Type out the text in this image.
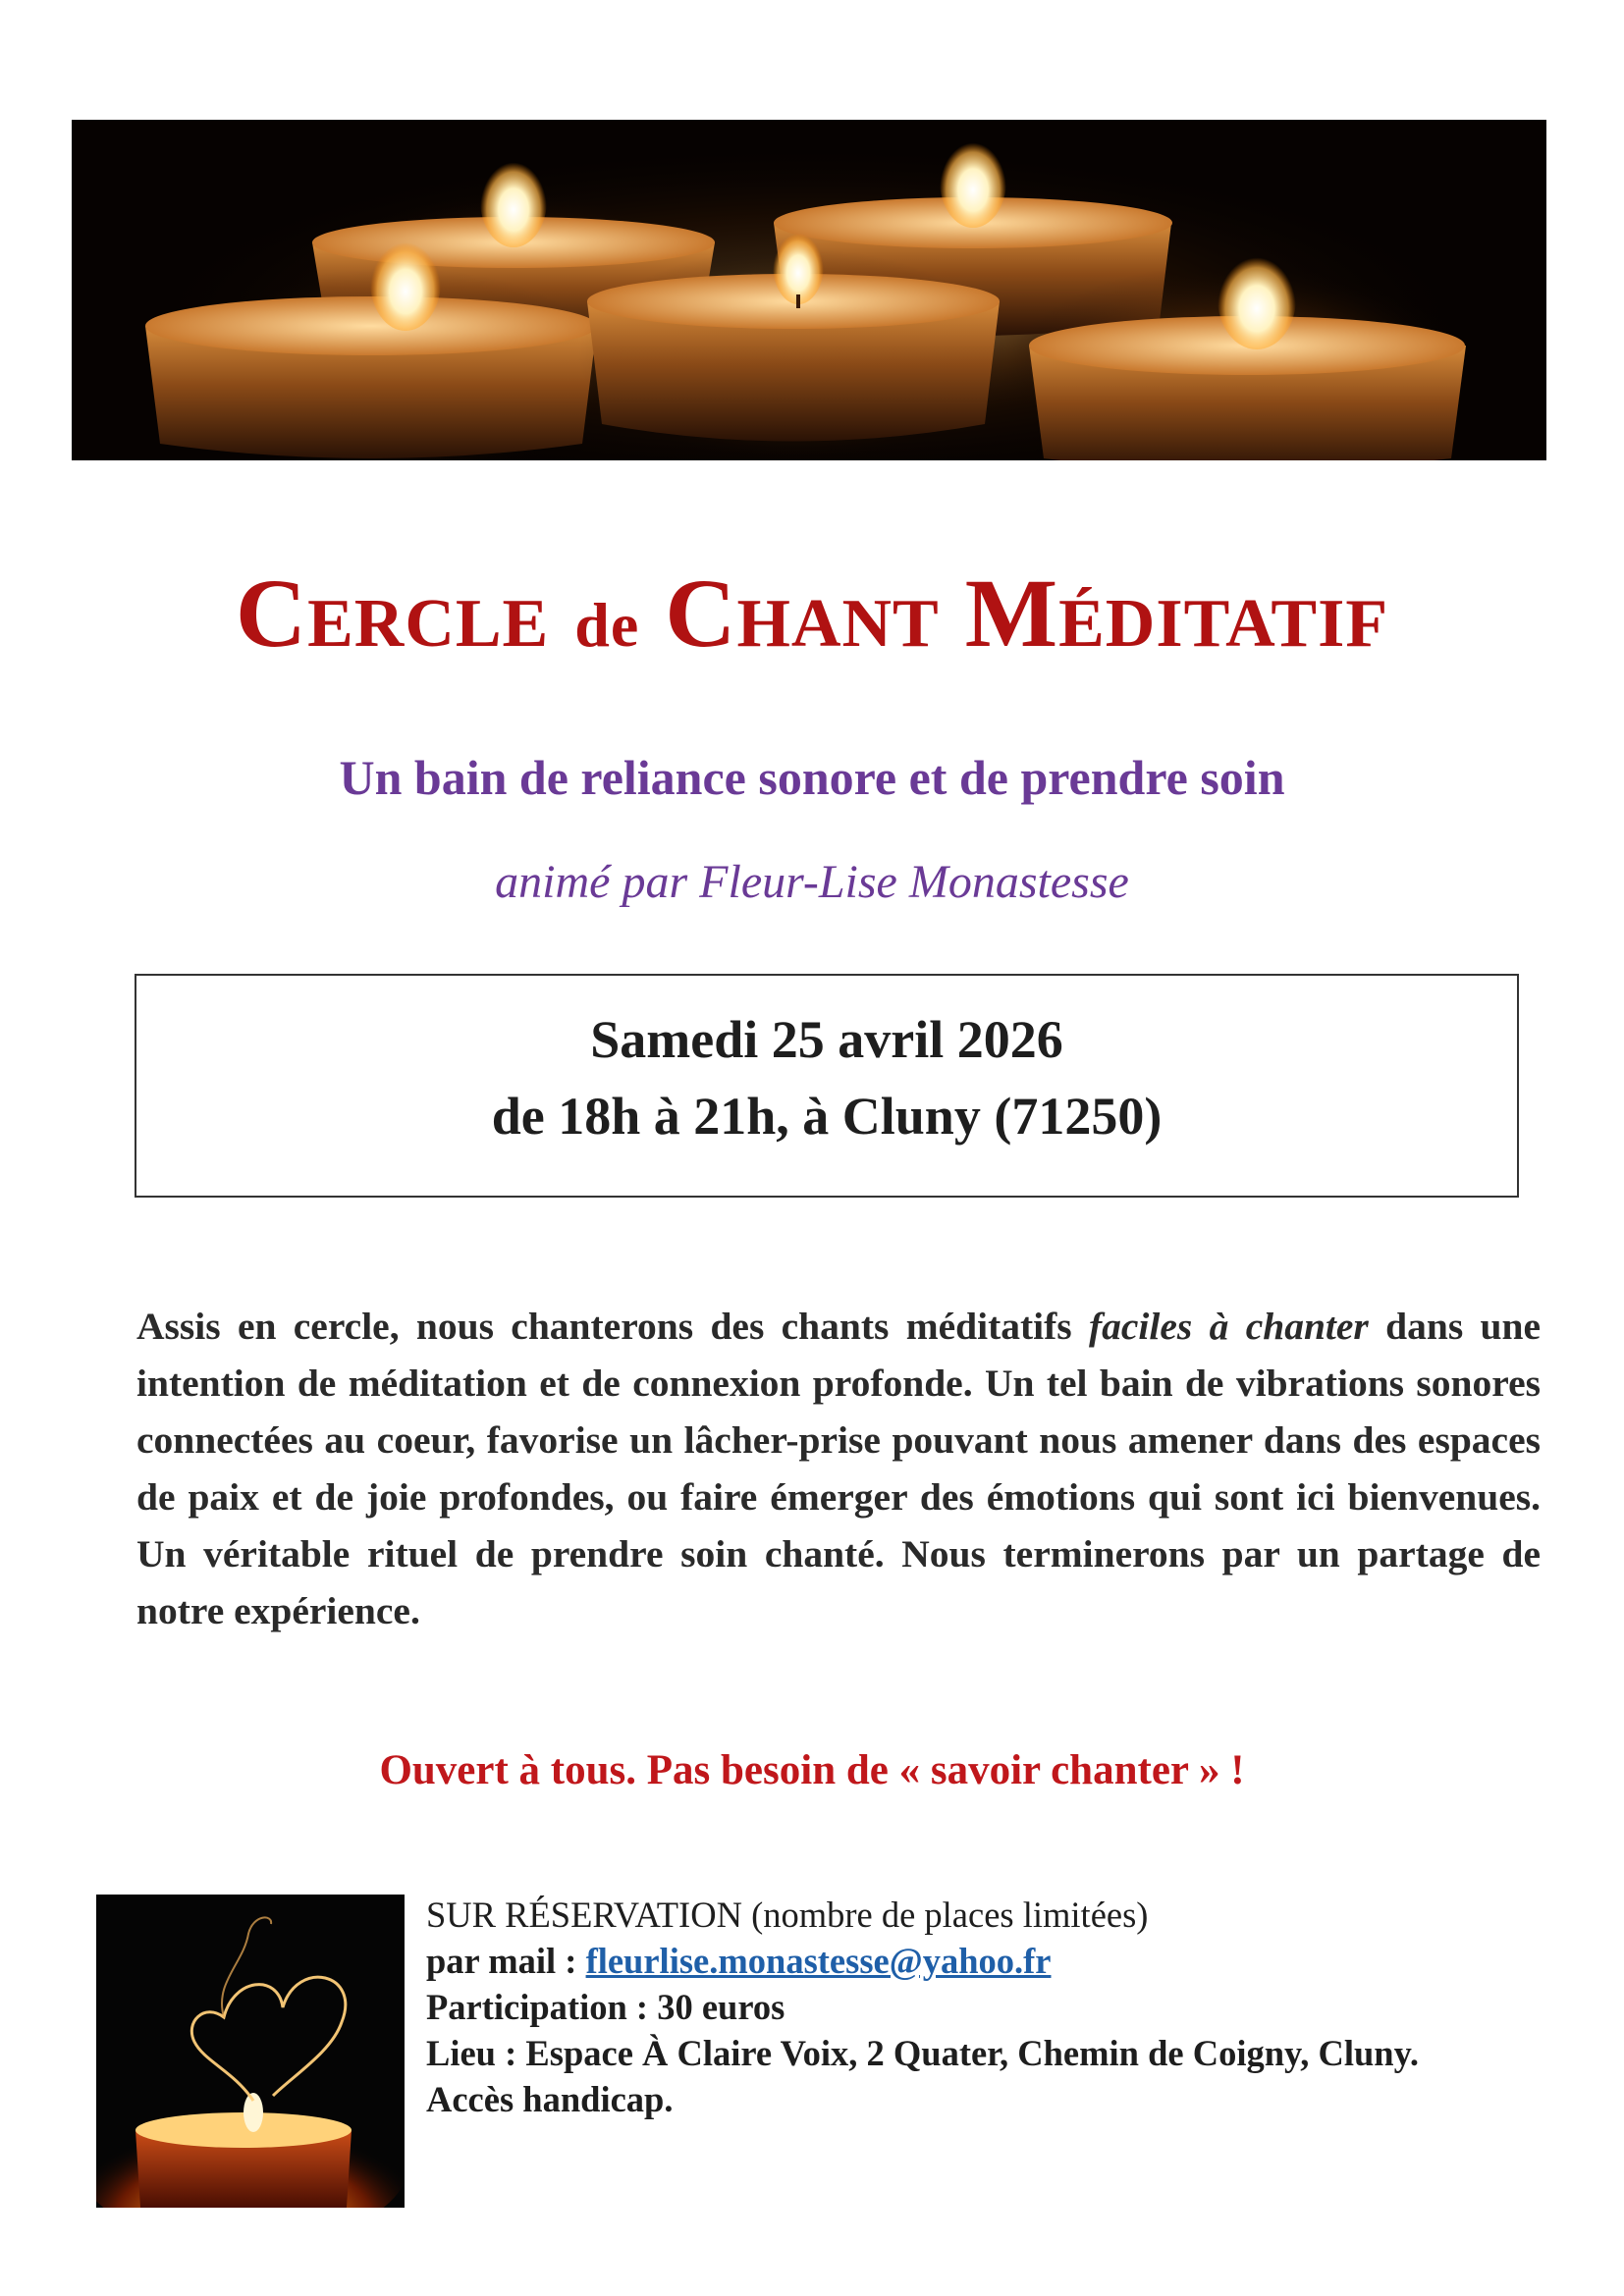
Cercle de Chant Méditatif
Un bain de reliance sonore et de prendre soin
animé par Fleur-Lise Monastesse
Samedi 25 avril 2026
de 18h à 21h, à Cluny (71250)
Assis en cercle, nous chanterons des chants méditatifs faciles à chanter dans une intention de méditation et de connexion profonde. Un tel bain de vibrations sonores connectées au coeur, favorise un lâcher-prise pouvant nous amener dans des espaces de paix et de joie profondes, ou faire émerger des émotions qui sont ici bienvenues. Un véritable rituel de prendre soin chanté. Nous terminerons par un partage de notre expérience.
Ouvert à tous. Pas besoin de « savoir chanter » !
SUR RÉSERVATION (nombre de places limitées)
par mail : fleurlise.monastesse@yahoo.fr
Participation : 30 euros
Lieu : Espace À Claire Voix, 2 Quater, Chemin de Coigny, Cluny.
Accès handicap.
